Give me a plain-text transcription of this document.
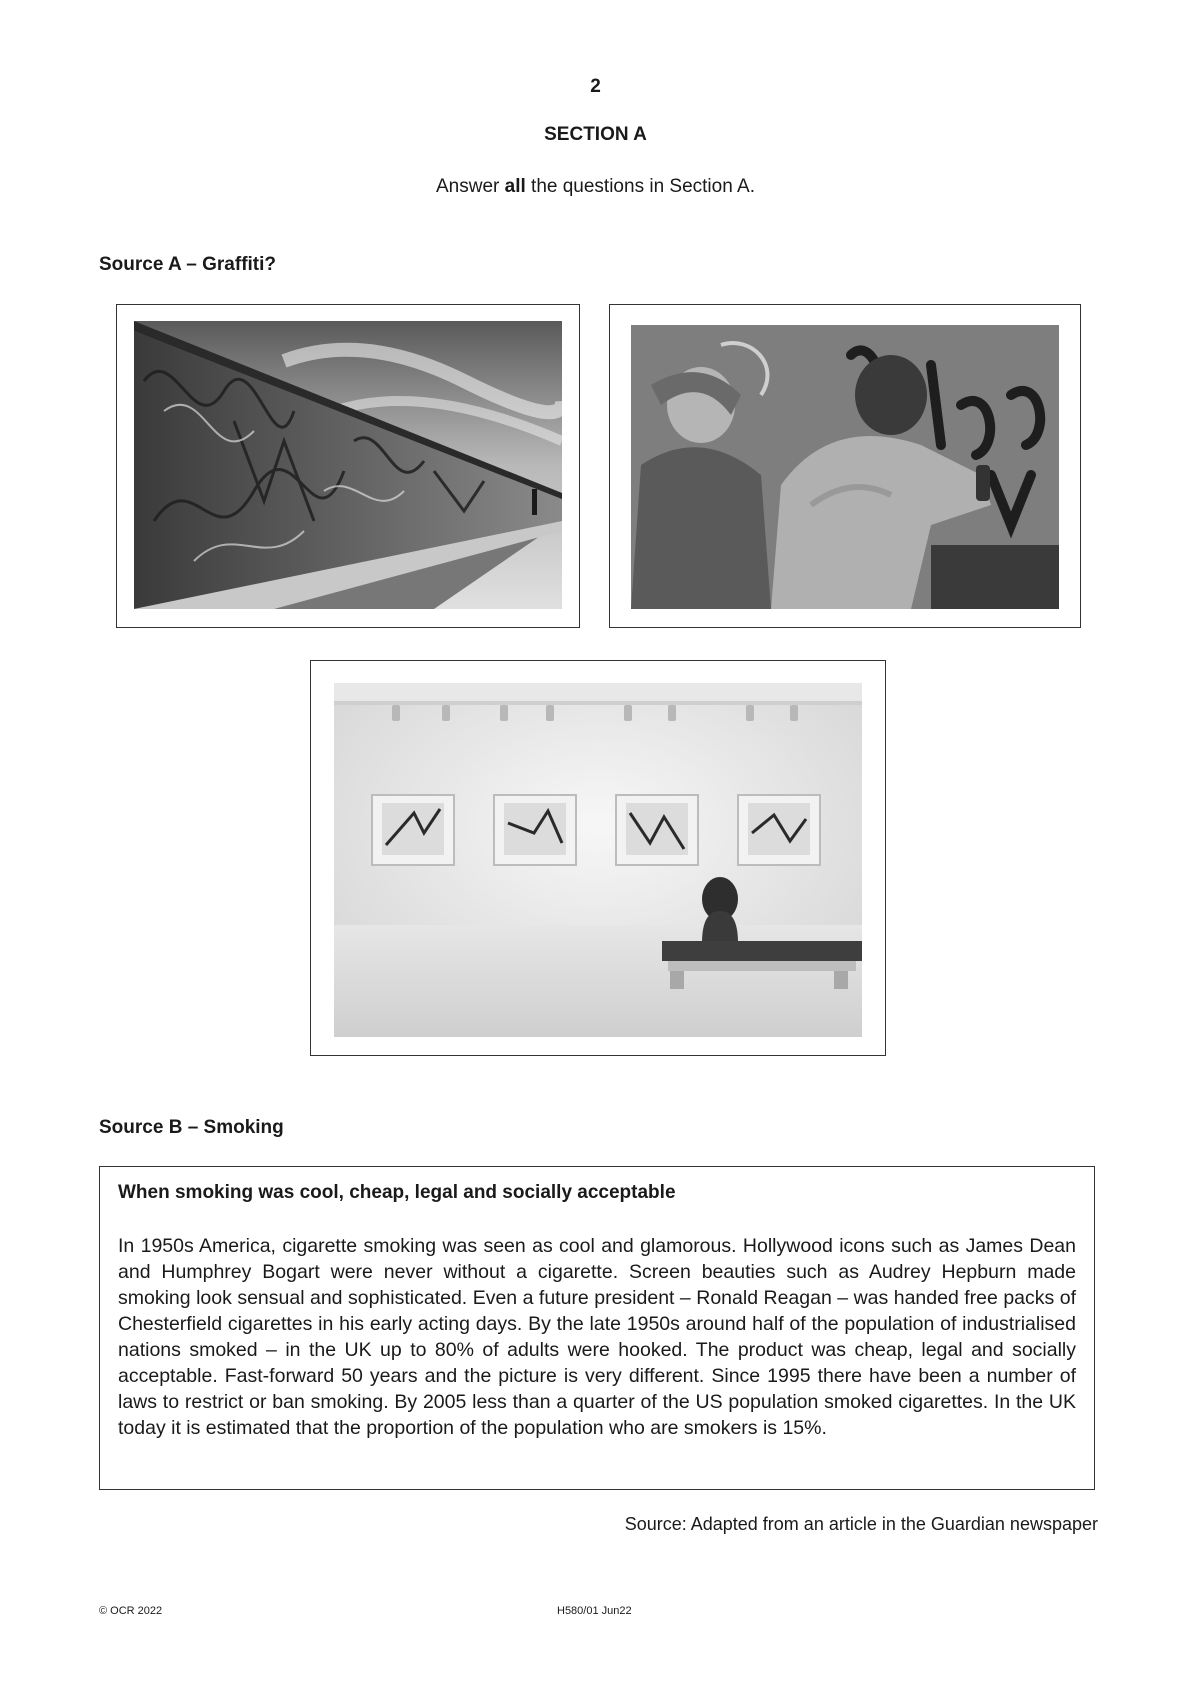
2
SECTION A
Answer all the questions in Section A.
Source A – Graffiti?
Source B – Smoking
When smoking was cool, cheap, legal and socially acceptable

In 1950s America, cigarette smoking was seen as cool and glamorous. Hollywood icons such as James Dean and Humphrey Bogart were never without a cigarette. Screen beauties such as Audrey Hepburn made smoking look sensual and sophisticated. Even a future president – Ronald Reagan – was handed free packs of Chesterfield cigarettes in his early acting days. By the late 1950s around half of the population of industrialised nations smoked – in the UK up to 80% of adults were hooked. The product was cheap, legal and socially acceptable. Fast-forward 50 years and the picture is very different. Since 1995 there have been a number of laws to restrict or ban smoking. By 2005 less than a quarter of the US population smoked cigarettes. In the UK today it is estimated that the proportion of the population who are smokers is 15%.

Source: Adapted from an article in the Guardian newspaper
© OCR 2022	H580/01 Jun22
